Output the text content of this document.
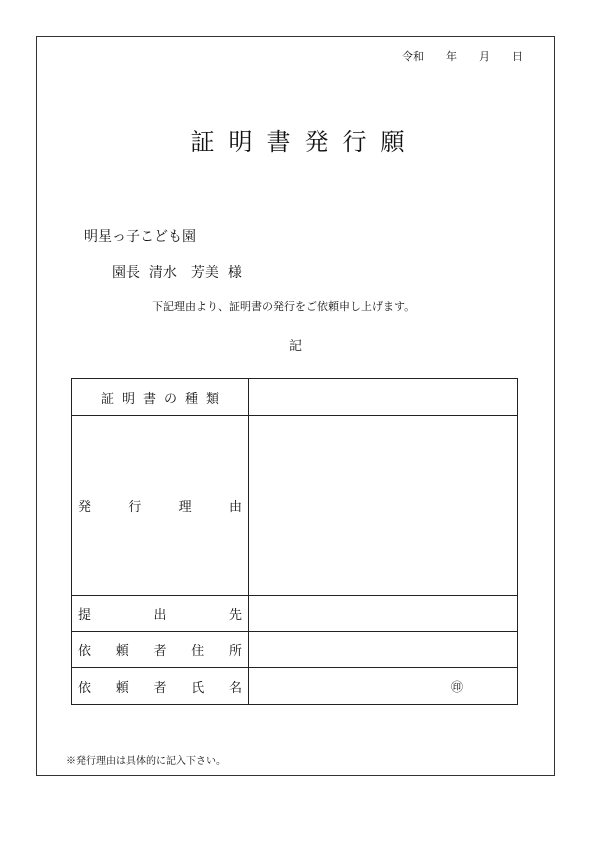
令和 年 月 日
証明書発行願
明星っ子こども園
園長 清水　芳美 様
下記理由より、証明書の発行をご依頼申し上げます。
記
証明書の種類	

発 行 理 由	

提 出 先	

依 頼 者 住 所	

依 頼 者 氏 名	㊞
※発行理由は具体的に記入下さい。
